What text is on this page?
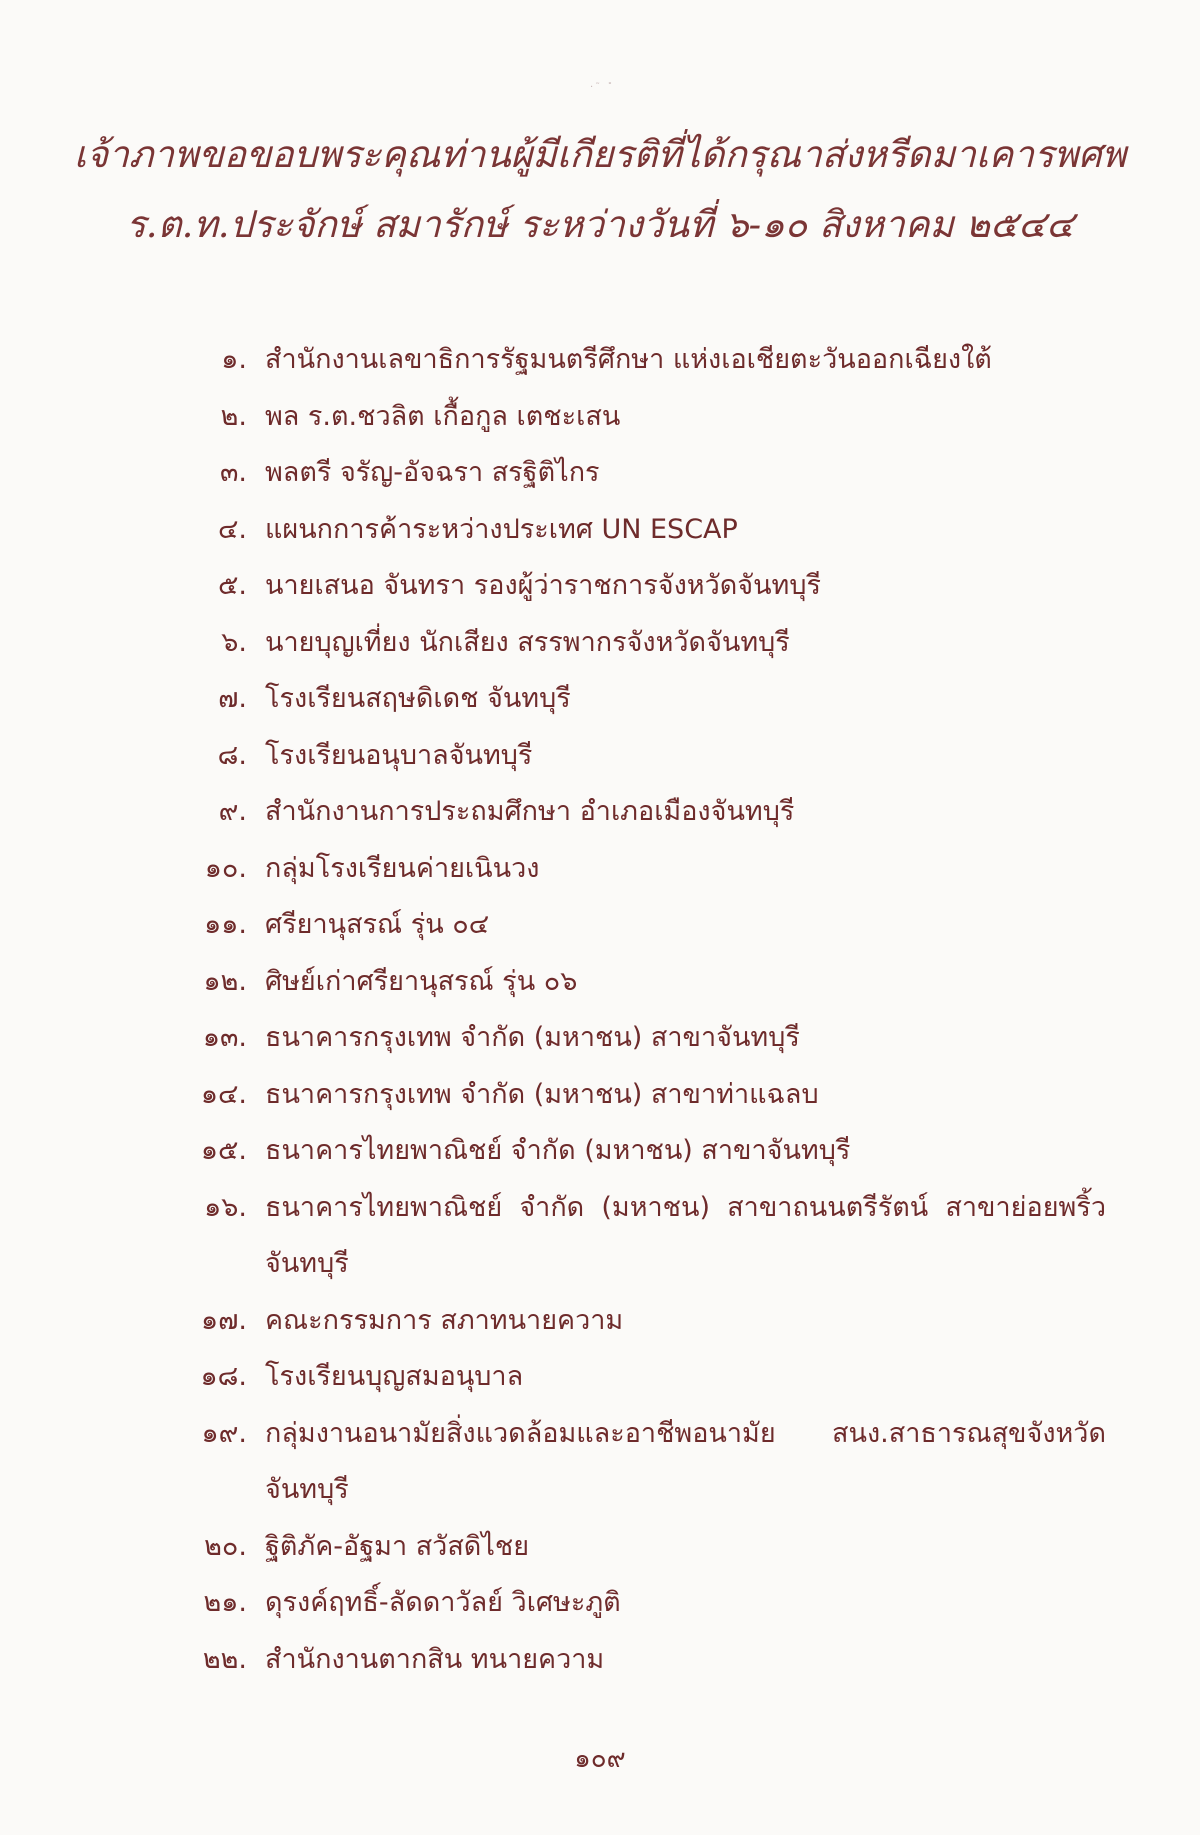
·˜ ˟
เจ้าภาพขอขอบพระคุณท่านผู้มีเกียรติที่ได้กรุณาส่งหรีดมาเคารพศพ
ร.ต.ท.ประจักษ์ สมารักษ์ ระหว่างวันที่ ๖-๑๐ สิงหาคม ๒๕๔๔
๑. สำนักงานเลขาธิการรัฐมนตรีศึกษา แห่งเอเชียตะวันออกเฉียงใต้
๒. พล ร.ต.ชวลิต เกื้อกูล เตชะเสน
๓. พลตรี จรัญ-อัจฉรา สรฐิติไกร
๔. แผนกการค้าระหว่างประเทศ UN ESCAP
๕. นายเสนอ จันทรา รองผู้ว่าราชการจังหวัดจันทบุรี
๖. นายบุญเที่ยง นักเสียง สรรพากรจังหวัดจันทบุรี
๗. โรงเรียนสฤษดิเดช จันทบุรี
๘. โรงเรียนอนุบาลจันทบุรี
๙. สำนักงานการประถมศึกษา อำเภอเมืองจันทบุรี
๑๐. กลุ่มโรงเรียนค่ายเนินวง
๑๑. ศรียานุสรณ์ รุ่น ๐๔
๑๒. ศิษย์เก่าศรียานุสรณ์ รุ่น ๐๖
๑๓. ธนาคารกรุงเทพ จำกัด (มหาชน) สาขาจันทบุรี
๑๔. ธนาคารกรุงเทพ จำกัด (มหาชน) สาขาท่าแฉลบ
๑๕. ธนาคารไทยพาณิชย์ จำกัด (มหาชน) สาขาจันทบุรี
๑๖. ธนาคารไทยพาณิชย์ จำกัด (มหาชน) สาขาถนนตรีรัตน์ สาขาย่อยพริ้ว จันทบุรี
๑๗. คณะกรรมการ สภาทนายความ
๑๘. โรงเรียนบุญสมอนุบาล
๑๙. กลุ่มงานอนามัยสิ่งแวดล้อมและอาชีพอนามัย สนง.สาธารณสุขจังหวัด จันทบุรี
๒๐. ฐิติภัค-อัฐมา สวัสดิไชย
๒๑. ดุรงค์ฤทธิ์-ลัดดาวัลย์ วิเศษะภูติ
๒๒. สำนักงานตากสิน ทนายความ
๑๐๙
